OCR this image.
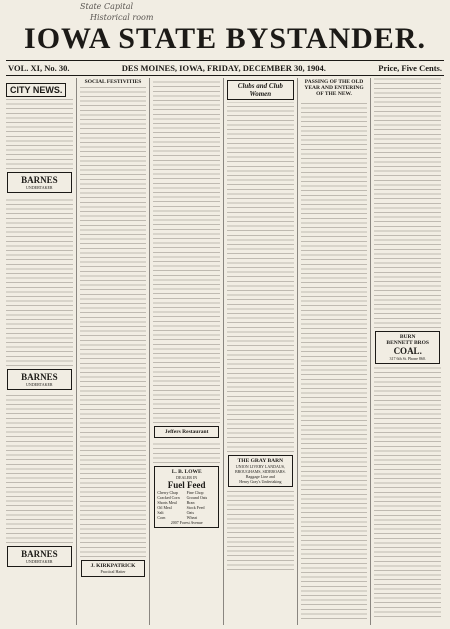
State Capital
Historical room
IOWA STATE BYSTANDER.
VOL. XI, No. 30.	DES MOINES, IOWA, FRIDAY, DECEMBER 30, 1904.	Price, Five Cents.
CITY NEWS.
BARNES
UNDERTAKER
BARNES
UNDERTAKER
BARNES
UNDERTAKER
SOCIAL FESTIVITIES
J. KIRKPATRICK
Practical Hatter
Jeffers Restaurant
L. B. LOWE
DEALER IN
Fuel Feed
Cherry Chap	Fine Chop
Cracked Corn	Ground Oats
Shorts Meal	Bran
Oil Meal	Stock Feed
Salt	Oats
Corn	Wheat
2007 Forest Avenue
Clubs and Club Women
THE GRAY BARN
UNION LIVERY LANDAUS,
BROUGHAMS, SIDEBOARS.
Baggage Line and
Henry Gray's Undertaking
PASSING OF THE OLD YEAR AND ENTERING OF THE NEW.
BURN
BENNETT BROS
COAL.
317 6th St. Phone 860.
